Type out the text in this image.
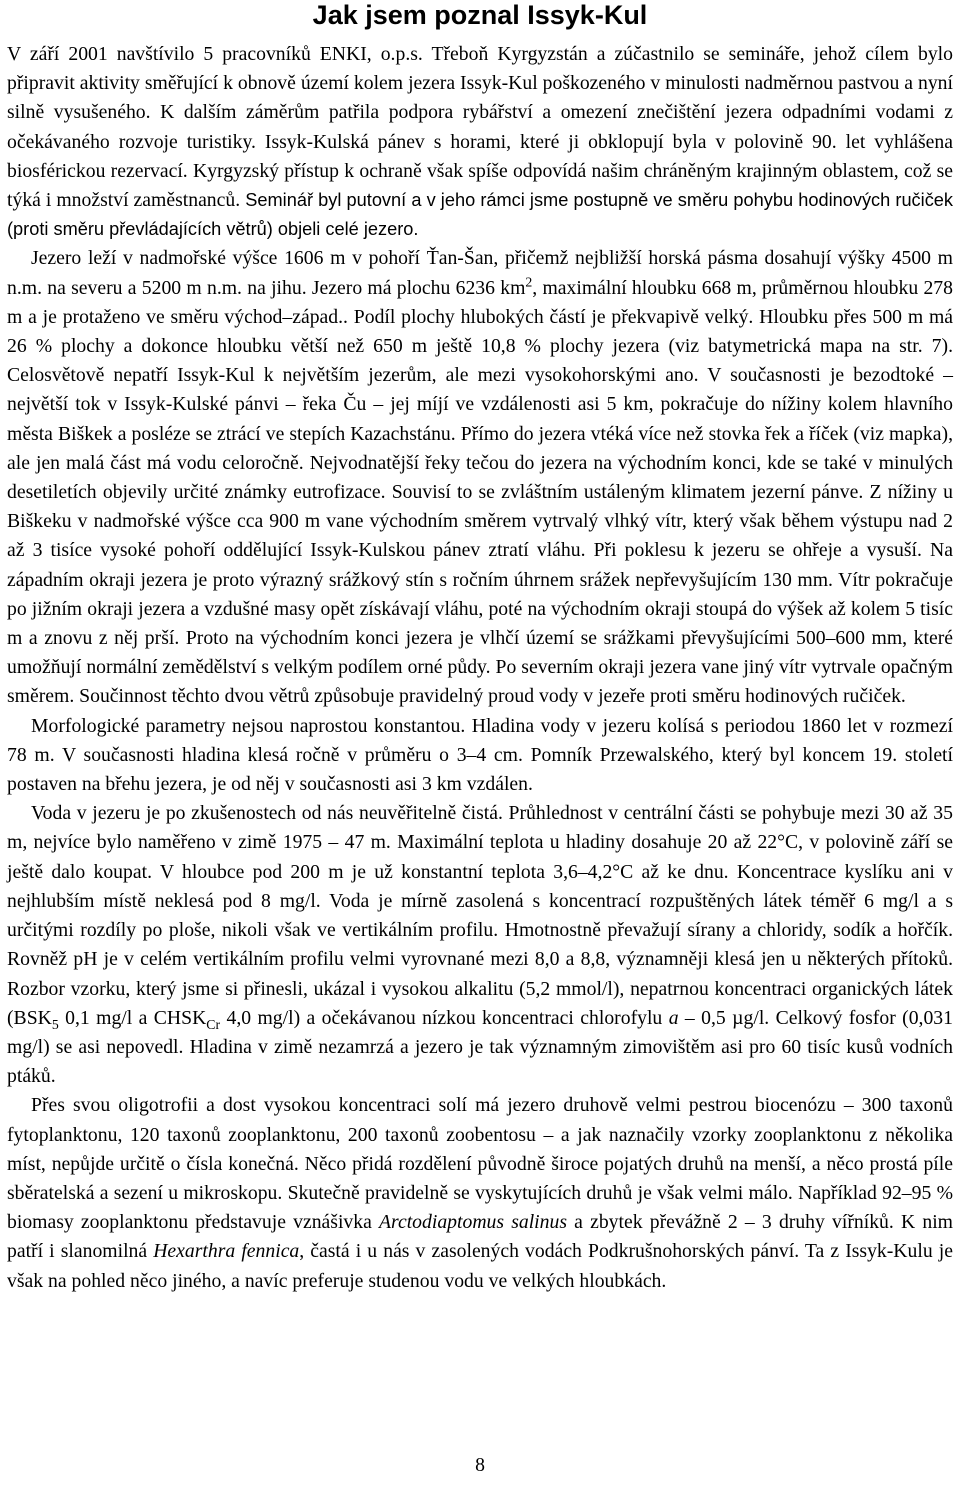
Jak jsem poznal Issyk-Kul

V září 2001 navštívilo 5 pracovníků ENKI, o.p.s. Třeboň Kyrgyzstán a zúčastnilo se semináře, jehož cílem bylo připravit aktivity směřující k obnově území kolem jezera Issyk-Kul poškozeného v minulosti nadměrnou pastvou a nyní silně vysušeného. K dalším záměrům patřila podpora rybářství a omezení znečištění jezera odpadními vodami z očekávaného rozvoje turistiky. Issyk-Kulská pánev s horami, které ji obklopují byla v polovině 90. let vyhlášena biosférickou rezervací. Kyrgyzský přístup k ochraně však spíše odpovídá našim chráněným krajinným oblastem, což se týká i množství zaměstnanců. Seminář byl putovní a v jeho rámci jsme postupně ve směru pohybu hodinových ručiček (proti směru převládajících větrů) objeli celé jezero.

Jezero leží v nadmořské výšce 1606 m v pohoří Ťan-Šan, přičemž nejbližší horská pásma dosahují výšky 4500 m n.m. na severu a 5200 m n.m. na jihu. Jezero má plochu 6236 $km^2$, maximální hloubku 668 m, průměrnou hloubku 278 m a je protaženo ve směru východ–západ.. Podíl plochy hlubokých částí je překvapivě velký. Hloubku přes 500 m má 26 % plochy a dokonce hloubku větší než 650 m ještě 10,8 % plochy jezera (viz batymetrická mapa na str. 7). Celosvětově nepatří Issyk-Kul k největším jezerům, ale mezi vysokohorskými ano. V současnosti je bezodtoké – největší tok v Issyk-Kulské pánvi – řeka Ču – jej míjí ve vzdálenosti asi 5 km, pokračuje do nížiny kolem hlavního města Biškek a posléze se ztrácí ve stepích Kazachstánu. Přímo do jezera vtéká více než stovka řek a říček (viz mapka), ale jen malá část má vodu celoročně. Nejvodnatější řeky tečou do jezera na východním konci, kde se také v minulých desetiletích objevily určité známky eutrofizace. Souvisí to se zvláštním ustáleným klimatem jezerní pánve. Z nížiny u Biškeku v nadmořské výšce cca 900 m vane východním směrem vytrvalý vlhký vítr, který však během výstupu nad 2 až 3 tisíce vysoké pohoří oddělující Issyk-Kulskou pánev ztratí vláhu. Při poklesu k jezeru se ohřeje a vysuší. Na západním okraji jezera je proto výrazný srážkový stín s ročním úhrnem srážek nepřevyšujícím 130 mm. Vítr pokračuje po jižním okraji jezera a vzdušné masy opět získávají vláhu, poté na východním okraji stoupá do výšek až kolem 5 tisíc m a znovu z něj prší. Proto na východním konci jezera je vlhčí území se srážkami převyšujícími 500–600 mm, které umožňují normální zemědělství s velkým podílem orné půdy. Po severním okraji jezera vane jiný vítr vytrvale opačným směrem. Součinnost těchto dvou větrů způsobuje pravidelný proud vody v jezeře proti směru hodinových ručiček.

Morfologické parametry nejsou naprostou konstantou. Hladina vody v jezeru kolísá s periodou 1860 let v rozmezí 78 m. V současnosti hladina klesá ročně v průměru o 3–4 cm. Pomník Przewalského, který byl koncem 19. století postaven na břehu jezera, je od něj v současnosti asi 3 km vzdálen.

Voda v jezeru je po zkušenostech od nás neuvěřitelně čistá. Průhlednost v centrální části se pohybuje mezi 30 až 35 m, nejvíce bylo naměřeno v zimě 1975 – 47 m. Maximální teplota u hladiny dosahuje 20 až 22°C, v polovině září se ještě dalo koupat. V hloubce pod 200 m je už konstantní teplota 3,6–4,2°C až ke dnu. Koncentrace kyslíku ani v nejhlubším místě neklesá pod 8 mg/l. Voda je mírně zasolená s koncentrací rozpuštěných látek téměř 6 mg/l a s určitými rozdíly po ploše, nikoli však ve vertikálním profilu. Hmotnostně převažují sírany a chloridy, sodík a hořčík. Rovněž pH je v celém vertikálním profilu velmi vyrovnané mezi 8,0 a 8,8, významněji klesá jen u některých přítoků. Rozbor vzorku, který jsme si přinesli, ukázal i vysokou alkalitu (5,2 mmol/l), nepatrnou koncentraci organických látek ($BSK_5$ 0,1 mg/l a $CHSK_{Cr}$ 4,0 mg/l) a očekávanou nízkou koncentraci chlorofylu a – 0,5 µg/l. Celkový fosfor (0,031 mg/l) se asi nepovedl. Hladina v zimě nezamrzá a jezero je tak významným zimovištěm asi pro 60 tisíc kusů vodních ptáků.

Přes svou oligotrofii a dost vysokou koncentraci solí má jezero druhově velmi pestrou biocenózu – 300 taxonů fytoplanktonu, 120 taxonů zooplanktonu, 200 taxonů zoobentosu – a jak naznačily vzorky zooplanktonu z několika míst, nepůjde určitě o čísla konečná. Něco přidá rozdělení původně široce pojatých druhů na menší, a něco prostá píle sběratelská a sezení u mikroskopu. Skutečně pravidelně se vyskytujících druhů je však velmi málo. Například 92–95 % biomasy zooplanktonu představuje vznášivka Arctodiaptomus salinus a zbytek převážně 2 – 3 druhy vířníků. K nim patří i slanomilná Hexarthra fennica, častá i u nás v zasolených vodách Podkrušnohorských pánví. Ta z Issyk-Kulu je však na pohled něco jiného, a navíc preferuje studenou vodu ve velkých hloubkách.

8
